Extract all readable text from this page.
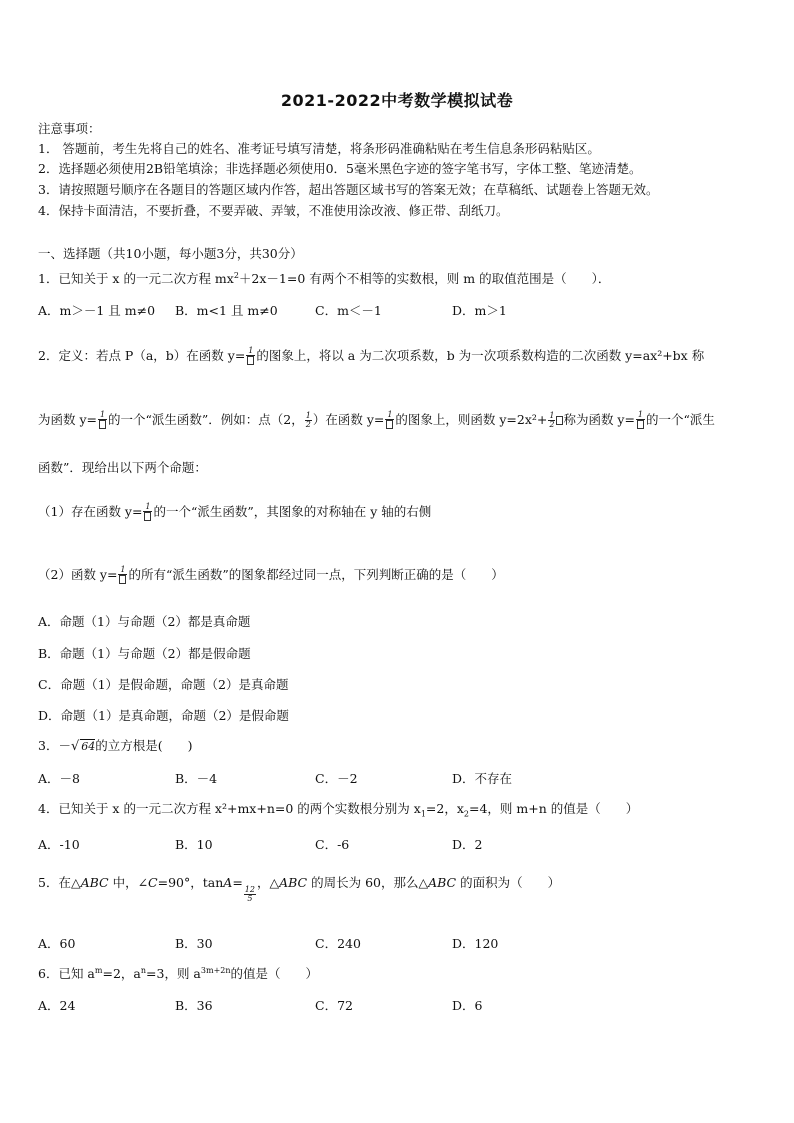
2021-2022中考数学模拟试卷
注意事项：
1． 答题前，考生先将自己的姓名、准考证号填写清楚，将条形码准确粘贴在考生信息条形码粘贴区。
2．选择题必须使用2B铅笔填涂；非选择题必须使用0．5毫米黑色字迹的签字笔书写，字体工整、笔迹清楚。
3．请按照题号顺序在各题目的答题区域内作答，超出答题区域书写的答案无效；在草稿纸、试题卷上答题无效。
4．保持卡面清洁，不要折叠，不要弄破、弄皱，不准使用涂改液、修正带、刮纸刀。
一、选择题（共10小题，每小题3分，共30分）
1．已知关于 x 的一元二次方程 $mx^2+2x-1=0$ 有两个不相等的实数根，则 m 的取值范围是（　　）．
A．m＞－1 且 m≠0 B．m<1 且 m≠0	C．m＜－1	D．m＞1
2．定义：若点 P（a，b）在函数 y= 1 的图象上，将以 a 为二次项系数，b 为一次项系数构造的二次函数 y=ax²+bx 称
为函数 y= 1 的一个“派生函数”．例如：点（2， $\frac{1}{2}$ ）在函数 y= 1 的图象上，则函数 $y=2x^2+ \frac{1}{2}$ 称为函数 y= 1 的一个“派生
函数”．现给出以下两个命题：
（1）存在函数 y= 1 的一个“派生函数”，其图象的对称轴在 y 轴的右侧
（2）函数 y= 1 的所有“派生函数”的图象都经过同一点，下列判断正确的是（　　）
A．命题（1）与命题（2）都是真命题
B．命题（1）与命题（2）都是假命题
C．命题（1）是假命题，命题（2）是真命题
D．命题（1）是真命题，命题（2）是假命题
3．－√ 64的立方根是(　　)
A．－8	B．－4	C．－2	D．不存在
4．已知关于 x 的一元二次方程 x²+mx+n=0 的两个实数根分别为 $x_1=2$，$x_2=4$，则 m+n 的值是（　　）
A．-10	B．10	C．-6	D．2
5．在△ABC 中，∠C=90°，tanA=
$\frac{12}{5}$
，△ABC 的周长为 60，那么△ABC 的面积为（　　）
A．60	B．30	C．240	D．120
6．已知 $a^m=2$，$a^n=3$，则 $a^{3m+2n}$的值是（　　）
A．24	B．36	C．72	D．6
